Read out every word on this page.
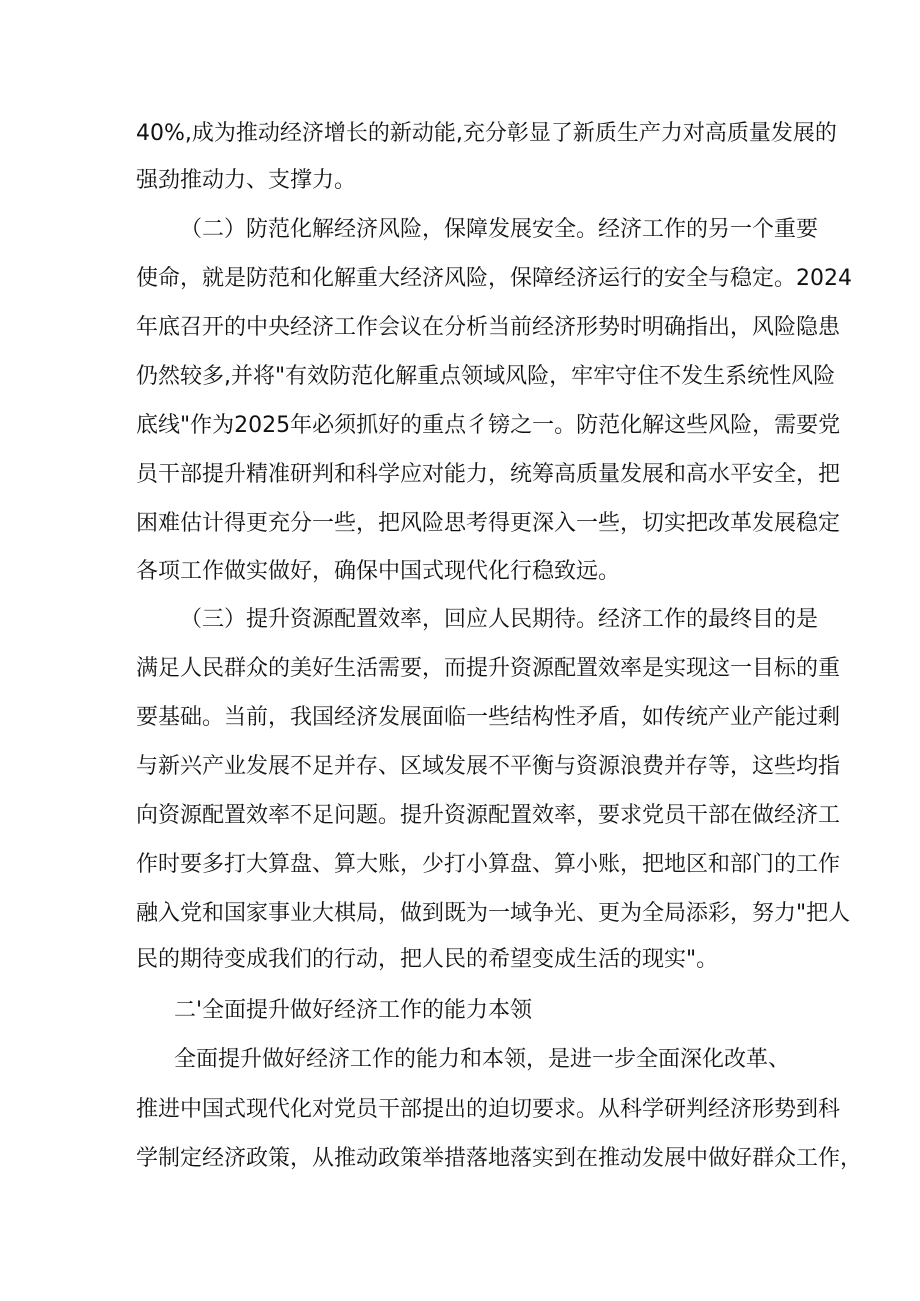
40%,成为推动经济增长的新动能,充分彰显了新质生产力对高质量发展的
强劲推动力、支撑力。
（二）防范化解经济风险，保障发展安全。经济工作的另一个重要
使命，就是防范和化解重大经济风险，保障经济运行的安全与稳定。2024
年底召开的中央经济工作会议在分析当前经济形势时明确指出，风险隐患
仍然较多,并将"有效防范化解重点领域风险，牢牢守住不发生系统性风险
底线"作为2025年必须抓好的重点彳镑之一。防范化解这些风险，需要党
员干部提升精准研判和科学应对能力，统筹高质量发展和高水平安全，把
困难估计得更充分一些，把风险思考得更深入一些，切实把改革发展稳定
各项工作做实做好，确保中国式现代化行稳致远。
（三）提升资源配置效率，回应人民期待。经济工作的最终目的是
满足人民群众的美好生活需要，而提升资源配置效率是实现这一目标的重
要基础。当前，我国经济发展面临一些结构性矛盾，如传统产业产能过剩
与新兴产业发展不足并存、区域发展不平衡与资源浪费并存等，这些均指
向资源配置效率不足问题。提升资源配置效率，要求党员干部在做经济工
作时要多打大算盘、算大账，少打小算盘、算小账，把地区和部门的工作
融入党和国家事业大棋局，做到既为一域争光、更为全局添彩，努力"把人
民的期待变成我们的行动，把人民的希望变成生活的现实"。
二'全面提升做好经济工作的能力本领
全面提升做好经济工作的能力和本领，是进一步全面深化改革、
推进中国式现代化对党员干部提出的迫切要求。从科学研判经济形势到科
学制定经济政策，从推动政策举措落地落实到在推动发展中做好群众工作，
